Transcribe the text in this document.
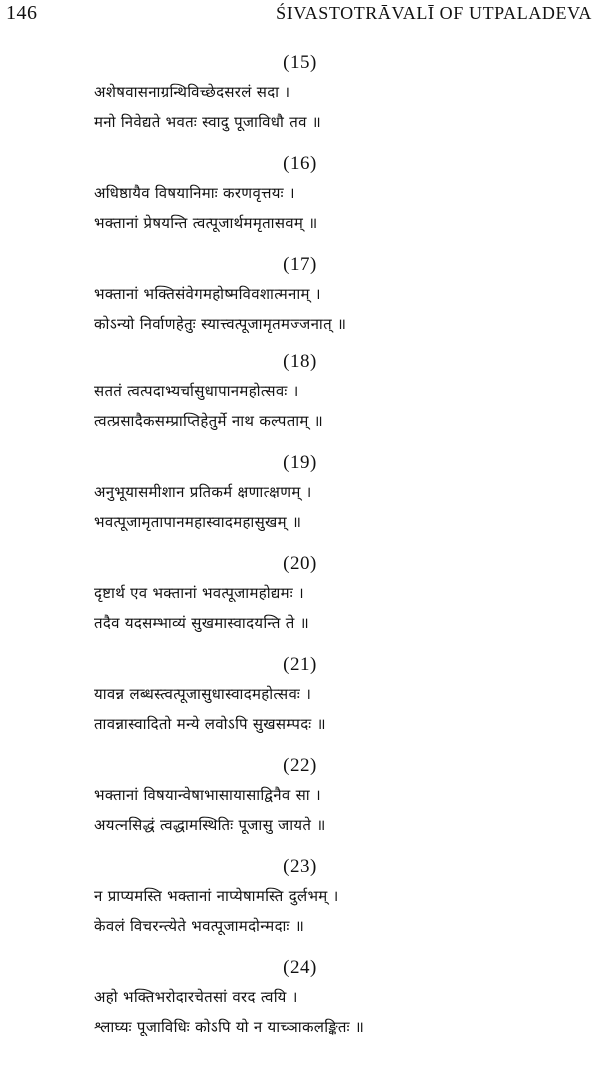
146	ŚIVASTOTRĀVALĪ OF UTPALADEVA
(15)
अशेषवासनाग्रन्थिविच्छेदसरलं सदा ।
मनो निवेद्यते भवतः स्वादु पूजाविधौ तव ॥
(16)
अधिष्ठायैव विषयानिमाः करणवृत्तयः ।
भक्तानां प्रेषयन्ति त्वत्पूजार्थममृतासवम् ॥
(17)
भक्तानां भक्तिसंवेगमहोष्मविवशात्मनाम् ।
कोऽन्यो निर्वाणहेतुः स्यात्त्वत्पूजामृतमज्जनात् ॥
(18)
सततं त्वत्पदाभ्यर्चासुधापानमहोत्सवः ।
त्वत्प्रसादैकसम्प्राप्तिहेतुर्मे नाथ कल्पताम् ॥
(19)
अनुभूयासमीशान प्रतिकर्म क्षणात्क्षणम् ।
भवत्पूजामृतापानमहास्वादमहासुखम् ॥
(20)
दृष्टार्थ एव भक्तानां भवत्पूजामहोद्यमः ।
तदैव यदसम्भाव्यं सुखमास्वादयन्ति ते ॥
(21)
यावन्न लब्धस्त्वत्पूजासुधास्वादमहोत्सवः ।
तावन्नास्वादितो मन्ये लवोऽपि सुखसम्पदः ॥
(22)
भक्तानां विषयान्वेषाभासायासाद्विनैव सा ।
अयत्नसिद्धं त्वद्धामस्थितिः पूजासु जायते ॥
(23)
न प्राप्यमस्ति भक्तानां नाप्येषामस्ति दुर्लभम् ।
केवलं विचरन्त्येते भवत्पूजामदोन्मदाः ॥
(24)
अहो भक्तिभरोदारचेतसां वरद त्वयि ।
श्लाघ्यः पूजाविधिः कोऽपि यो न याच्ञाकलङ्कितः ॥
